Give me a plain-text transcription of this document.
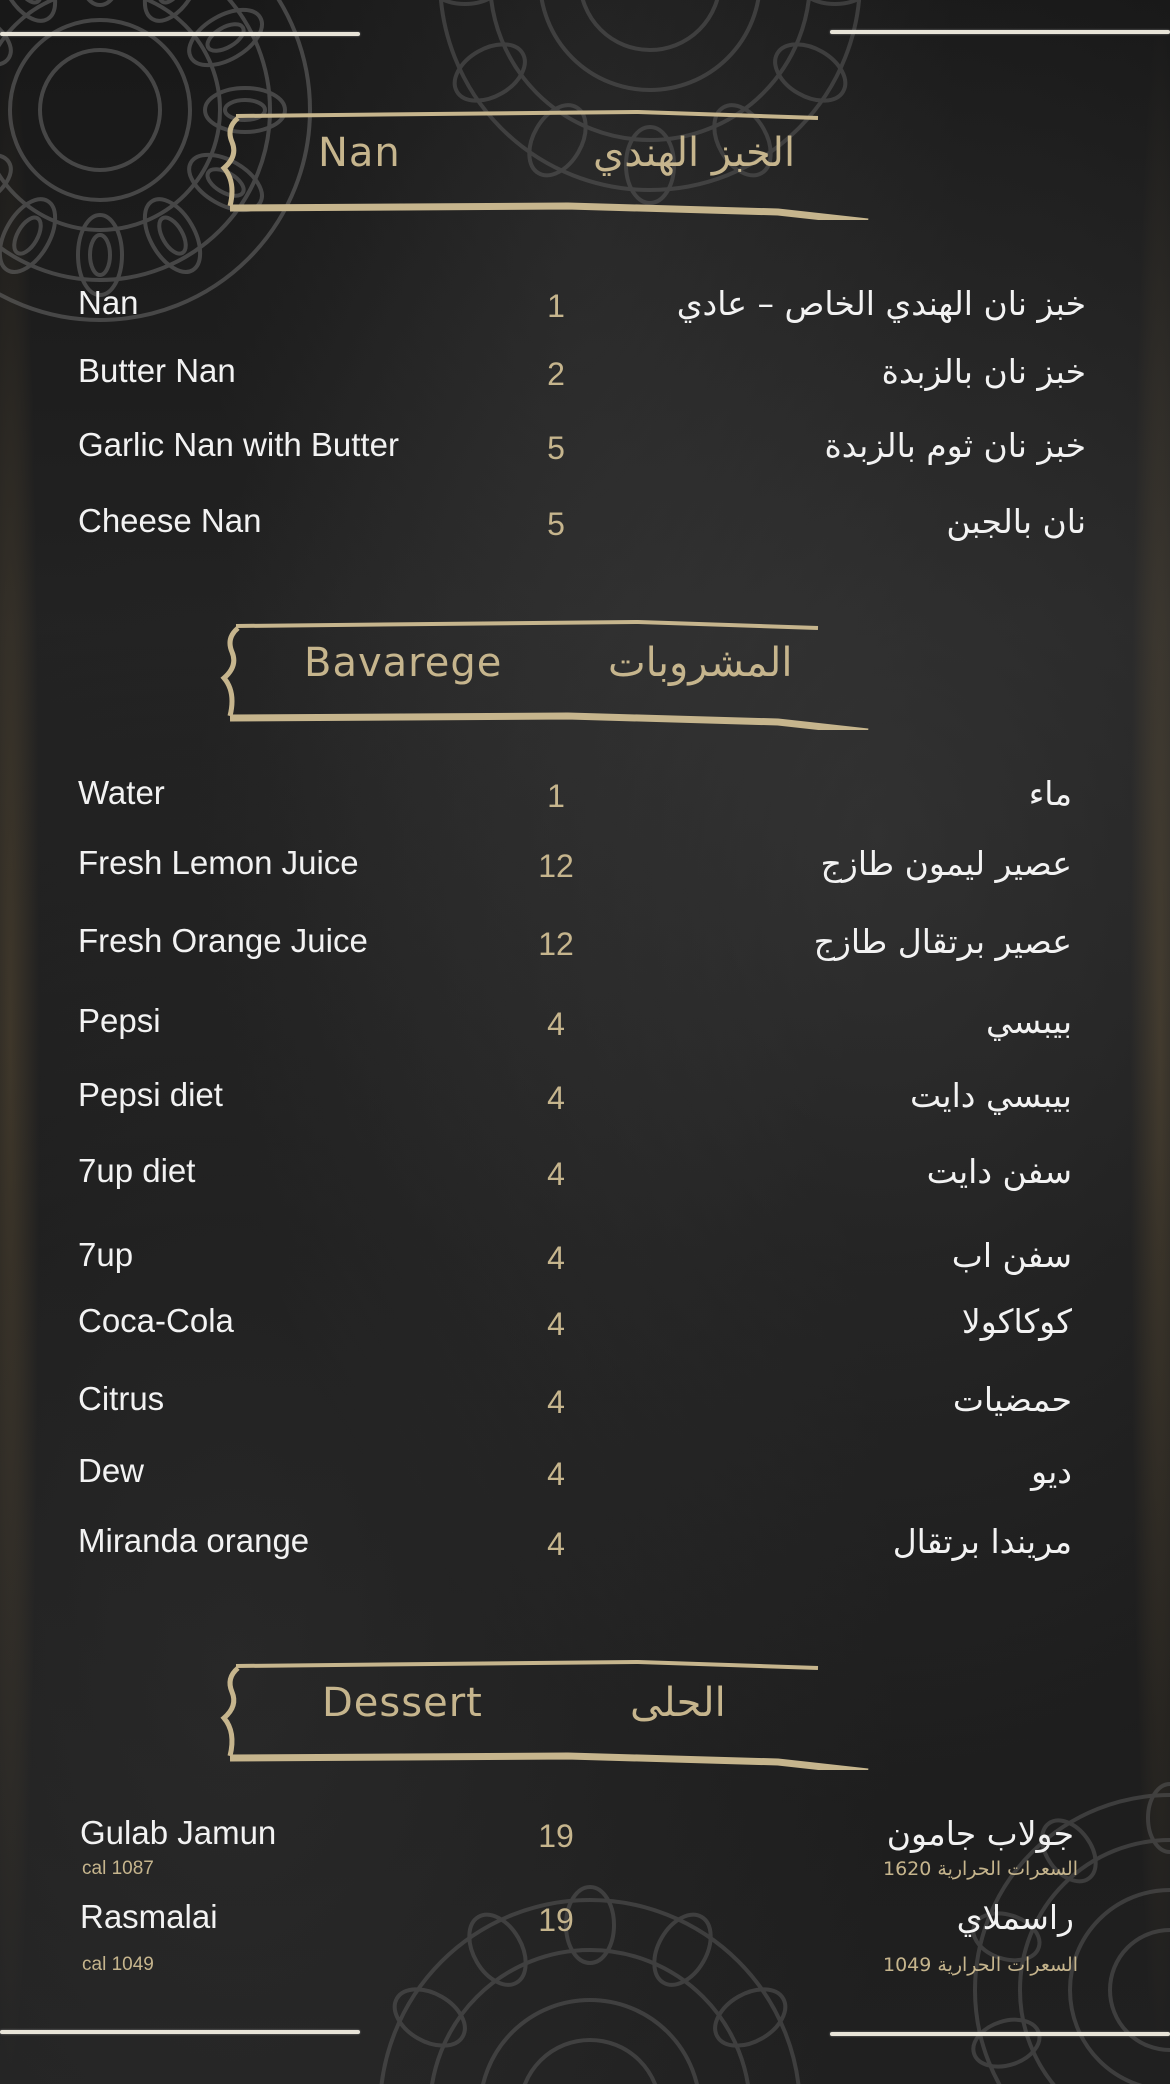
Nan	الخبز الهندي
Nan	1	خبز نان الهندي الخاص – عادي
Butter Nan	2	خبز نان بالزبدة
Garlic Nan with Butter	5	خبز نان ثوم بالزبدة
Cheese Nan	5	نان بالجبن
Bavarege	المشروبات
Water	1	ماء
Fresh Lemon Juice	12	عصير ليمون طازج
Fresh Orange Juice	12	عصير برتقال طازج
Pepsi	4	بيبسي
Pepsi diet	4	بيبسي دايت
7up diet	4	سفن دايت
7up	4	سفن اب
Coca-Cola	4	كوكاكولا
Citrus	4	حمضيات
Dew	4	ديو
Miranda orange	4	مريندا برتقال
Dessert	الحلى
Gulab Jamun	19	جولاب جامون
cal 1087	السعرات الحرارية 1620
Rasmalai	19	راسملاي
cal 1049	السعرات الحرارية 1049
